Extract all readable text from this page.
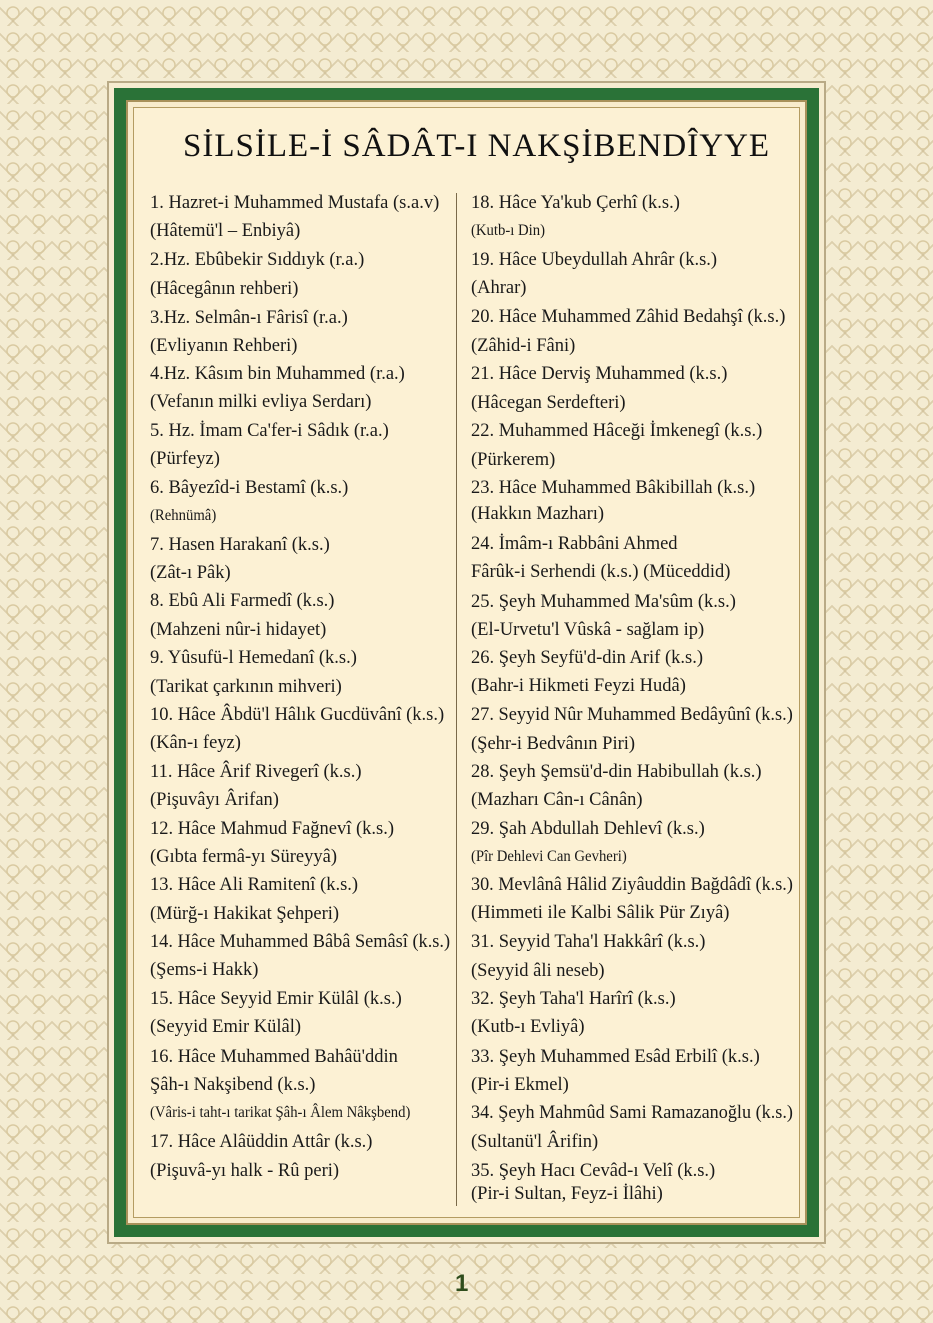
SİLSİLE-İ SÂDÂT-I NAKŞİBENDÎYYE
1. Hazret-i Muhammed Mustafa (s.a.v)
(Hâtemü'l – Enbiyâ)
2.Hz. Ebûbekir Sıddıyk (r.a.)
(Hâcegânın rehberi)
3.Hz. Selmân-ı Fârisî (r.a.)
(Evliyanın Rehberi)
4.Hz. Kâsım bin Muhammed (r.a.)
(Vefanın milki evliya Serdarı)
5. Hz. İmam Ca'fer-i Sâdık (r.a.)
(Pürfeyz)
6. Bâyezîd-i Bestamî (k.s.)
(Rehnümâ)
7. Hasen Harakanî (k.s.)
(Zât-ı Pâk)
8. Ebû Ali Farmedî (k.s.)
(Mahzeni nûr-i hidayet)
9. Yûsufü-l Hemedanî (k.s.)
(Tarikat çarkının mihveri)
10. Hâce Âbdü'l Hâlık Gucdüvânî (k.s.)
(Kân-ı feyz)
11. Hâce Ârif Rivegerî (k.s.)
(Pişuvâyı Ârifan)
12. Hâce Mahmud Fağnevî (k.s.)
(Gıbta fermâ-yı Süreyyâ)
13. Hâce Ali Ramitenî (k.s.)
(Mürğ-ı Hakikat Şehperi)
14. Hâce Muhammed Bâbâ Semâsî (k.s.)
(Şems-i Hakk)
15. Hâce Seyyid Emir Külâl (k.s.)
(Seyyid Emir Külâl)
16. Hâce Muhammed Bahâü'ddin
Şâh-ı Nakşibend (k.s.)
(Vâris-i taht-ı tarikat Şâh-ı Âlem Nâkşbend)
17. Hâce Alâüddin Attâr (k.s.)
(Pişuvâ-yı halk - Rû peri)
18. Hâce Ya'kub Çerhî (k.s.)
(Kutb-ı Din)
19. Hâce Ubeydullah Ahrâr (k.s.)
(Ahrar)
20. Hâce Muhammed Zâhid Bedahşî (k.s.)
(Zâhid-i Fâni)
21. Hâce Derviş Muhammed (k.s.)
(Hâcegan Serdefteri)
22. Muhammed Hâceği İmkenegî (k.s.)
(Pürkerem)
23. Hâce Muhammed Bâkibillah (k.s.)
(Hakkın Mazharı)
24. İmâm-ı Rabbâni Ahmed
Fârûk-i Serhendi (k.s.) (Müceddid)
25. Şeyh Muhammed Ma'sûm (k.s.)
(El-Urvetu'l Vûskâ - sağlam ip)
26. Şeyh Seyfü'd-din Arif (k.s.)
(Bahr-i Hikmeti Feyzi Hudâ)
27. Seyyid Nûr Muhammed Bedâyûnî (k.s.)
(Şehr-i Bedvânın Piri)
28. Şeyh Şemsü'd-din Habibullah (k.s.)
(Mazharı Cân-ı Cânân)
29. Şah Abdullah Dehlevî (k.s.)
(Pîr Dehlevi Can Gevheri)
30. Mevlânâ Hâlid Ziyâuddin Bağdâdî (k.s.)
(Himmeti ile Kalbi Sâlik Pür Zıyâ)
31. Seyyid Taha'l Hakkârî (k.s.)
(Seyyid âli neseb)
32. Şeyh Taha'l Harîrî (k.s.)
(Kutb-ı Evliyâ)
33. Şeyh Muhammed Esâd Erbilî (k.s.)
(Pir-i Ekmel)
34. Şeyh Mahmûd Sami Ramazanoğlu (k.s.)
(Sultanü'l Ârifin)
35. Şeyh Hacı Cevâd-ı Velî (k.s.)
(Pir-i Sultan, Feyz-i İlâhi)
1
